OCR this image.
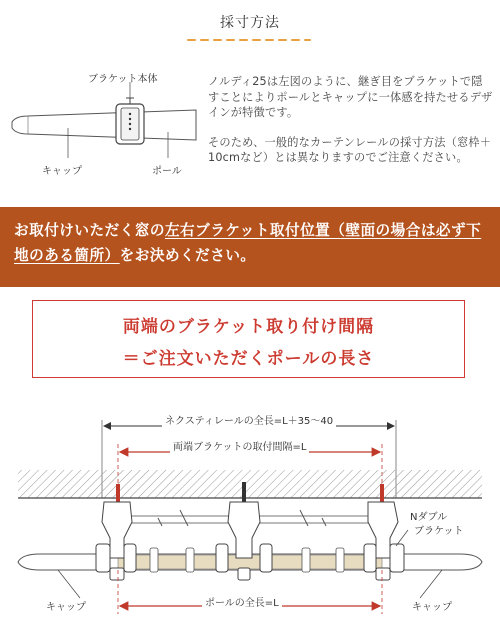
採寸方法
ブラケット本体
キャップ	ポール

ノルディ25は左図のように、継ぎ目をブラケットで隠すことによりポールとキャップに一体感を持たせるデザインが特徴です。

そのため、一般的なカーテンレールの採寸方法（窓枠＋10cmなど）とは異なりますのでご注意ください。

お取付けいただく窓の左右ブラケット取付位置（壁面の場合は必ず下地のある箇所）をお決めください。
両端のブラケット取り付け間隔
＝ご注文いただくポールの長さ
ネクスティレールの全長=L＋35～40
両端ブラケットの取付間隔=L
Nダブル
ブラケット
キャップ	キャップ
ポールの全長=L
